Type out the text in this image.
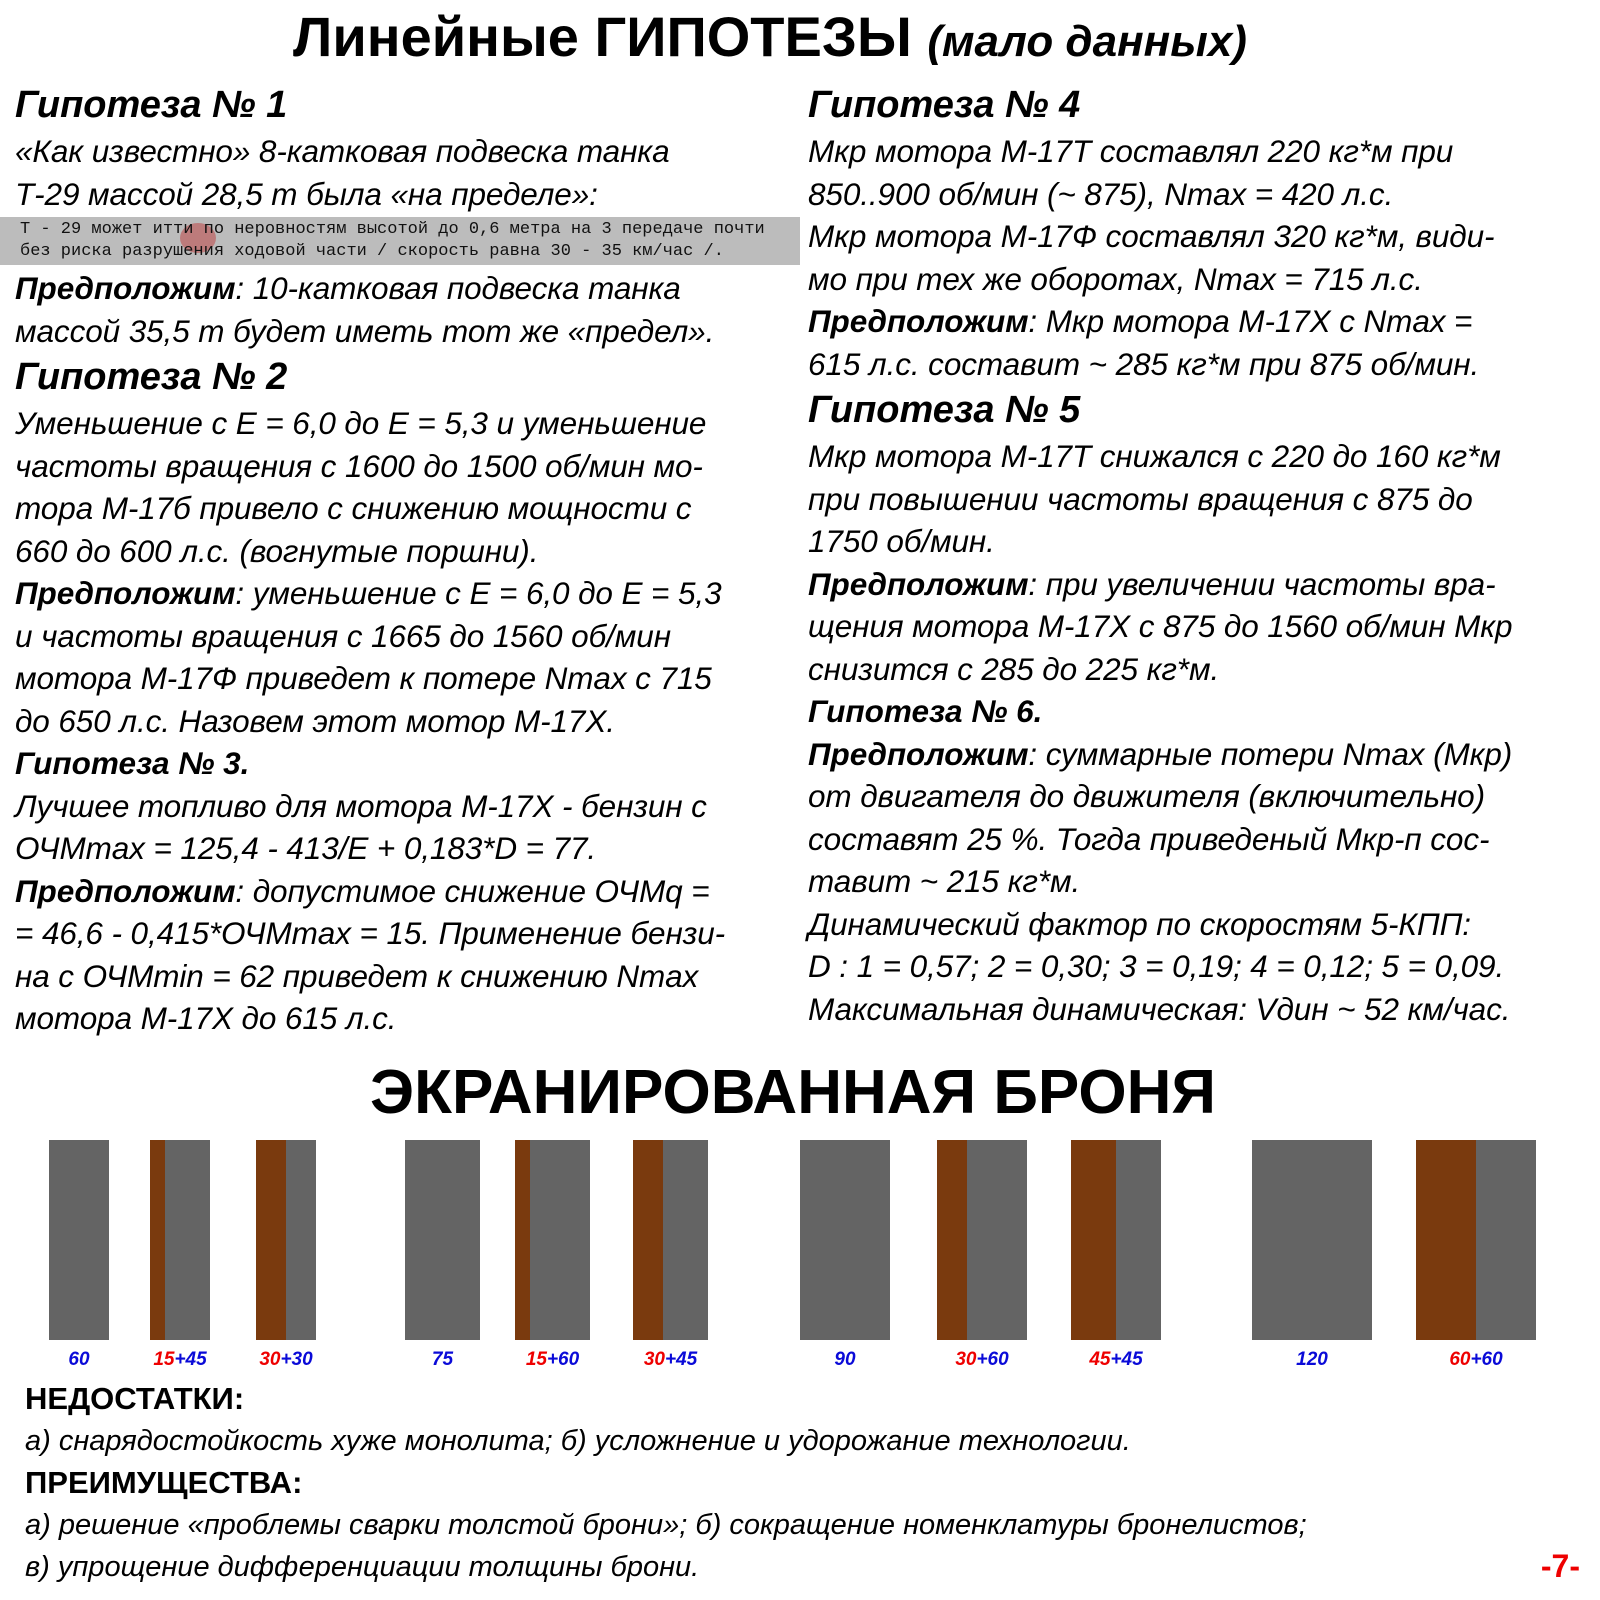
Линейные ГИПОТЕЗЫ (мало данных)
Гипотеза № 1

«Как известно» 8-катковая подвеска танка

Т-29 массой 28,5 т была «на пределе»:

Т - 29 может итти по неровностям высотой до 0,6 метра на 3 передаче почти
без риска разрушения ходовой части / скорость равна 30 - 35 км/час /.

Предположим: 10-катковая подвеска танка

массой 35,5 т будет иметь тот же «предел».

Гипотеза № 2

Уменьшение с Е = 6,0 до Е = 5,3 и уменьшение

частоты вращения с 1600 до 1500 об/мин мо-

тора М-17б привело с снижению мощности с

660 до 600 л.с. (вогнутые поршни).

Предположим: уменьшение с Е = 6,0 до Е = 5,3

и частоты вращения с 1665 до 1560 об/мин

мотора М-17Ф приведет к потере Nmax с 715

до 650 л.с. Назовем этот мотор М-17Х.

Гипотеза № 3.

Лучшее топливо для мотора М-17Х - бензин с

ОЧМmax = 125,4 - 413/Е + 0,183*D = 77.

Предположим: допустимое снижение ОЧМq =

= 46,6 - 0,415*ОЧМmax = 15. Применение бензи-

на с ОЧМmin = 62 приведет к снижению Nmax

мотора М-17Х до 615 л.с.

Гипотеза № 4

Мкр мотора М-17Т составлял 220 кг*м при

850..900 об/мин (~ 875), Nmax = 420 л.с.

Мкр мотора М-17Ф составлял 320 кг*м, види-

мо при тех же оборотах, Nmax = 715 л.с.

Предположим: Мкр мотора М-17Х с Nmax =

615 л.с. составит ~ 285 кг*м при 875 об/мин.

Гипотеза № 5

Мкр мотора М-17Т снижался с 220 до 160 кг*м

при повышении частоты вращения с 875 до

1750 об/мин.

Предположим: при увеличении частоты вра-

щения мотора М-17Х с 875 до 1560 об/мин Мкр

снизится с 285 до 225 кг*м.

Гипотеза № 6.

Предположим: суммарные потери Nmax (Мкр)

от двигателя до движителя (включительно)

составят 25 %. Тогда приведеный Мкр-п сос-

тавит ~ 215 кг*м.

Динамический фактор по скоростям 5-КПП:

D : 1 = 0,57; 2 = 0,30; 3 = 0,19; 4 = 0,12; 5 = 0,09.

Максимальная динамическая: Vдин ~ 52 км/час.

ЭКРАНИРОВАННАЯ БРОНЯ
60	15+45	30+30	75	15+60	30+45	90	30+60	45+45	120	60+60
НЕДОСТАТКИ:

а) снарядостойкость хуже монолита; б) усложнение и удорожание технологии.

ПРЕИМУЩЕСТВА:

а) решение «проблемы сварки толстой брони»; б) сокращение номенклатуры бронелистов;

в) упрощение дифференциации толщины брони.	-7-
